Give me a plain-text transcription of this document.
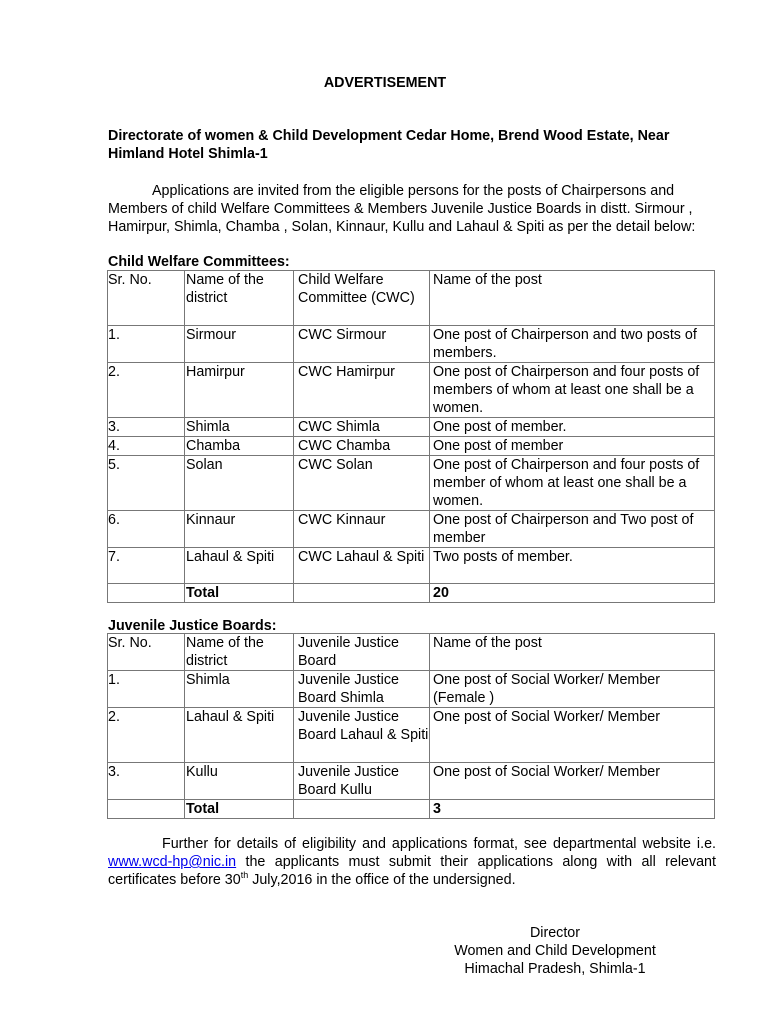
ADVERTISEMENT
Directorate of women & Child Development Cedar Home, Brend Wood Estate, Near Himland Hotel Shimla-1
Applications are invited from the eligible persons for the posts of Chairpersons and Members of child Welfare Committees & Members Juvenile Justice Boards in distt. Sirmour , Hamirpur, Shimla, Chamba , Solan, Kinnaur, Kullu and Lahaul & Spiti as per the detail below:
Child Welfare Committees:
Sr. No.	Name of the district	Child Welfare Committee (CWC)	Name of the post
1.	Sirmour	CWC Sirmour	One post of Chairperson and two posts of members.
2.	Hamirpur	CWC Hamirpur	One post of Chairperson and four posts of members of whom at least one shall be a women.
3.	Shimla	CWC Shimla	One post of member.
4.	Chamba	CWC Chamba	One post of member
5.	Solan	CWC Solan	One post of Chairperson and four posts of member of whom at least one shall be a women.
6.	Kinnaur	CWC Kinnaur	One post of Chairperson and Two post of member
7.	Lahaul & Spiti	CWC Lahaul & Spiti	Two posts of member.
	Total		20
Juvenile Justice Boards:
Sr. No.	Name of the district	Juvenile Justice Board	Name of the post
1.	Shimla	Juvenile Justice Board Shimla	One post of Social Worker/ Member (Female )
2.	Lahaul & Spiti	Juvenile Justice Board Lahaul & Spiti	One post of Social Worker/ Member
3.	Kullu	Juvenile Justice Board Kullu	One post of Social Worker/ Member
	Total		3
Further for details of eligibility and applications format, see departmental website i.e. www.wcd-hp@nic.in the applicants must submit their applications along with all relevant certificates before 30th July,2016 in the office of the undersigned.
Director
Women and Child Development
Himachal Pradesh, Shimla-1
